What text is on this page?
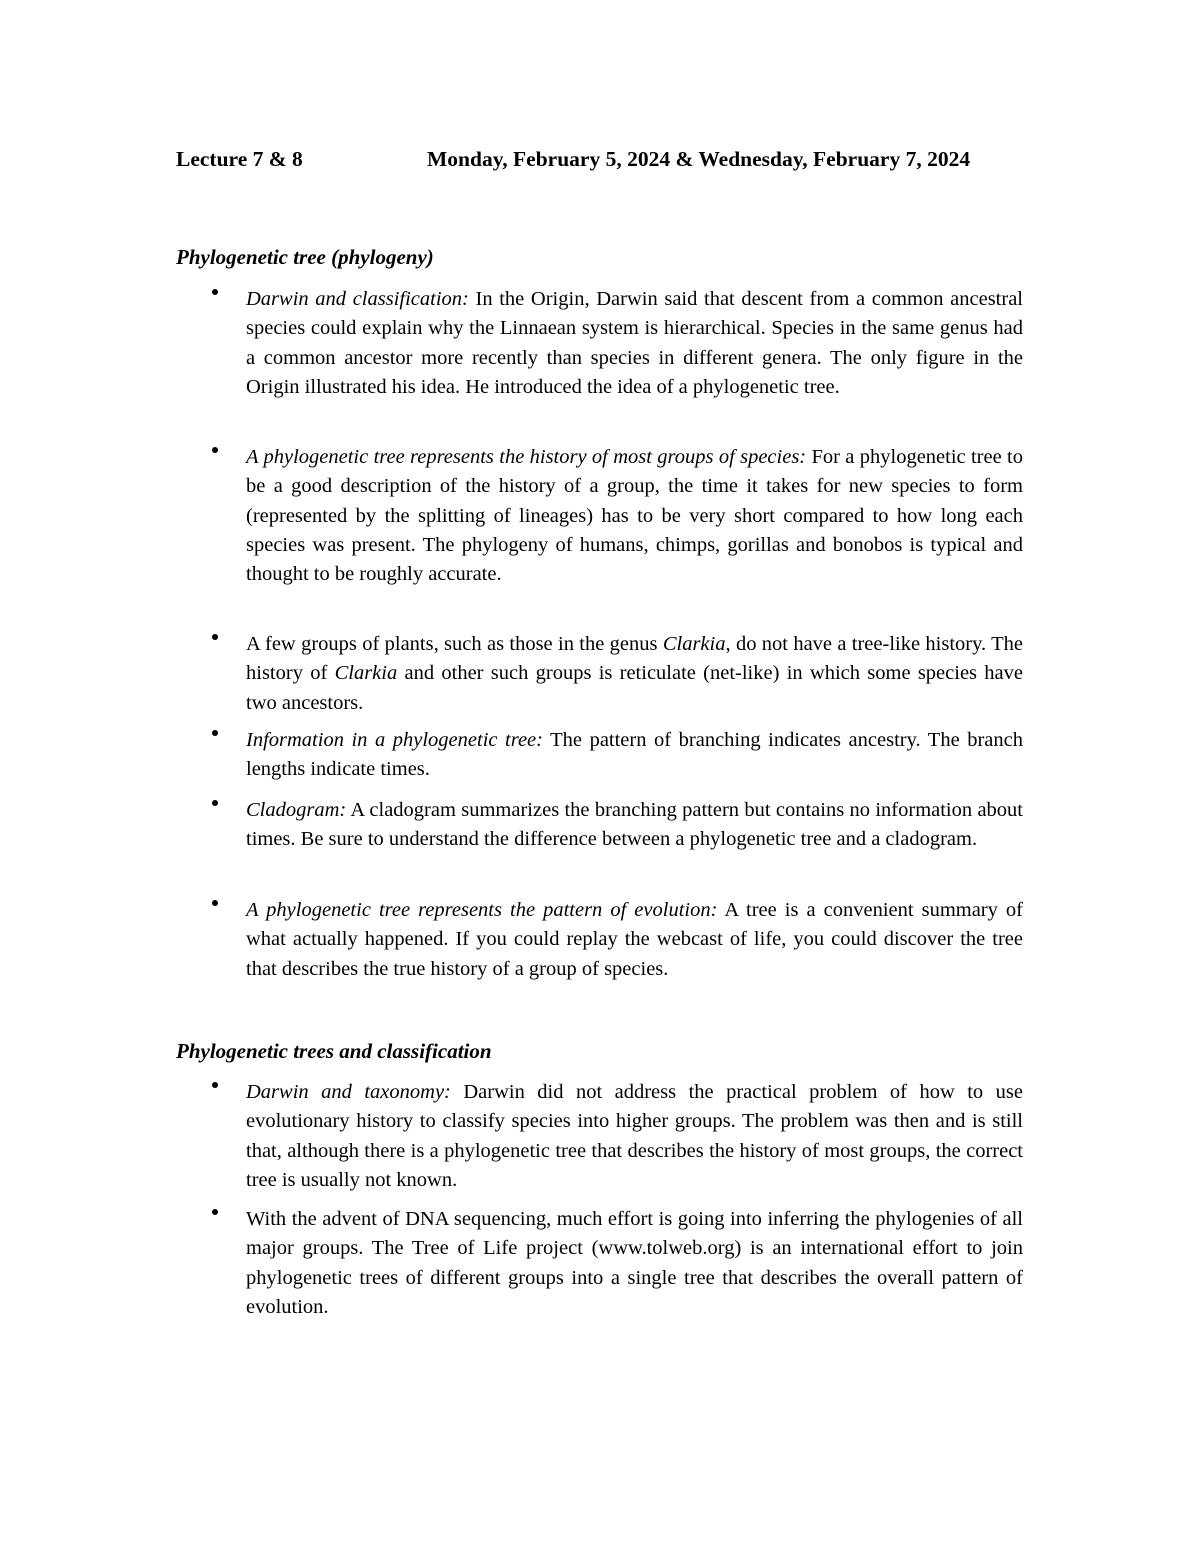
Lecture 7 & 8	Monday, February 5, 2024 & Wednesday, February 7, 2024
Phylogenetic tree (phylogeny)
Darwin and classification: In the Origin, Darwin said that descent from a common ancestral species could explain why the Linnaean system is hierarchical. Species in the same genus had a common ancestor more recently than species in different genera. The only figure in the Origin illustrated his idea. He introduced the idea of a phylogenetic tree.
A phylogenetic tree represents the history of most groups of species: For a phylogenetic tree to be a good description of the history of a group, the time it takes for new species to form (represented by the splitting of lineages) has to be very short compared to how long each species was present. The phylogeny of humans, chimps, gorillas and bonobos is typical and thought to be roughly accurate.
A few groups of plants, such as those in the genus Clarkia, do not have a tree-like history. The history of Clarkia and other such groups is reticulate (net-like) in which some species have two ancestors.
Information in a phylogenetic tree: The pattern of branching indicates ancestry. The branch lengths indicate times.
Cladogram: A cladogram summarizes the branching pattern but contains no information about times. Be sure to understand the difference between a phylogenetic tree and a cladogram.
A phylogenetic tree represents the pattern of evolution: A tree is a convenient summary of what actually happened. If you could replay the webcast of life, you could discover the tree that describes the true history of a group of species.
Phylogenetic trees and classification
Darwin and taxonomy: Darwin did not address the practical problem of how to use evolutionary history to classify species into higher groups. The problem was then and is still that, although there is a phylogenetic tree that describes the history of most groups, the correct tree is usually not known.
With the advent of DNA sequencing, much effort is going into inferring the phylogenies of all major groups. The Tree of Life project (www.tolweb.org) is an international effort to join phylogenetic trees of different groups into a single tree that describes the overall pattern of evolution.
